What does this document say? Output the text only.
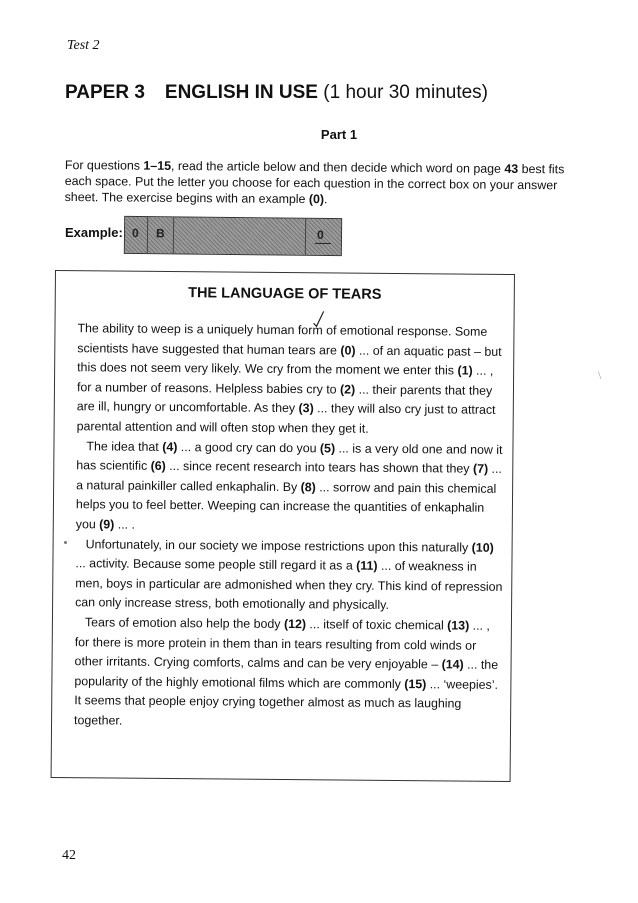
Test 2
PAPER 3 ENGLISH IN USE (1 hour 30 minutes)
Part 1
For questions 1–15, read the article below and then decide which word on page 43 best fits each space. Put the letter you choose for each question in the correct box on your answer sheet. The exercise begins with an example (0).
Example: 0 B	0
THE LANGUAGE OF TEARS

The ability to weep is a uniquely human form of emotional response. Some scientists have suggested that human tears are (0) ... of an aquatic past – but this does not seem very likely. We cry from the moment we enter this (1) ... , for a number of reasons. Helpless babies cry to (2) ... their parents that they are ill, hungry or uncomfortable. As they (3) ... they will also cry just to attract parental attention and will often stop when they get it.

The idea that (4) ... a good cry can do you (5) ... is a very old one and now it has scientific (6) ... since recent research into tears has shown that they (7) ... a natural painkiller called enkaphalin. By (8) ... sorrow and pain this chemical helps you to feel better. Weeping can increase the quantities of enkaphalin you (9) ... .

Unfortunately, in our society we impose restrictions upon this naturally (10) ... activity. Because some people still regard it as a (11) ... of weakness in men, boys in particular are admonished when they cry. This kind of repression can only increase stress, both emotionally and physically.

Tears of emotion also help the body (12) ... itself of toxic chemical (13) ... , for there is more protein in them than in tears resulting from cold winds or other irritants. Crying comforts, calms and can be very enjoyable – (14) ... the popularity of the highly emotional films which are commonly (15) ... ‘weepies’. It seems that people enjoy crying together almost as much as laughing together.

\
42
